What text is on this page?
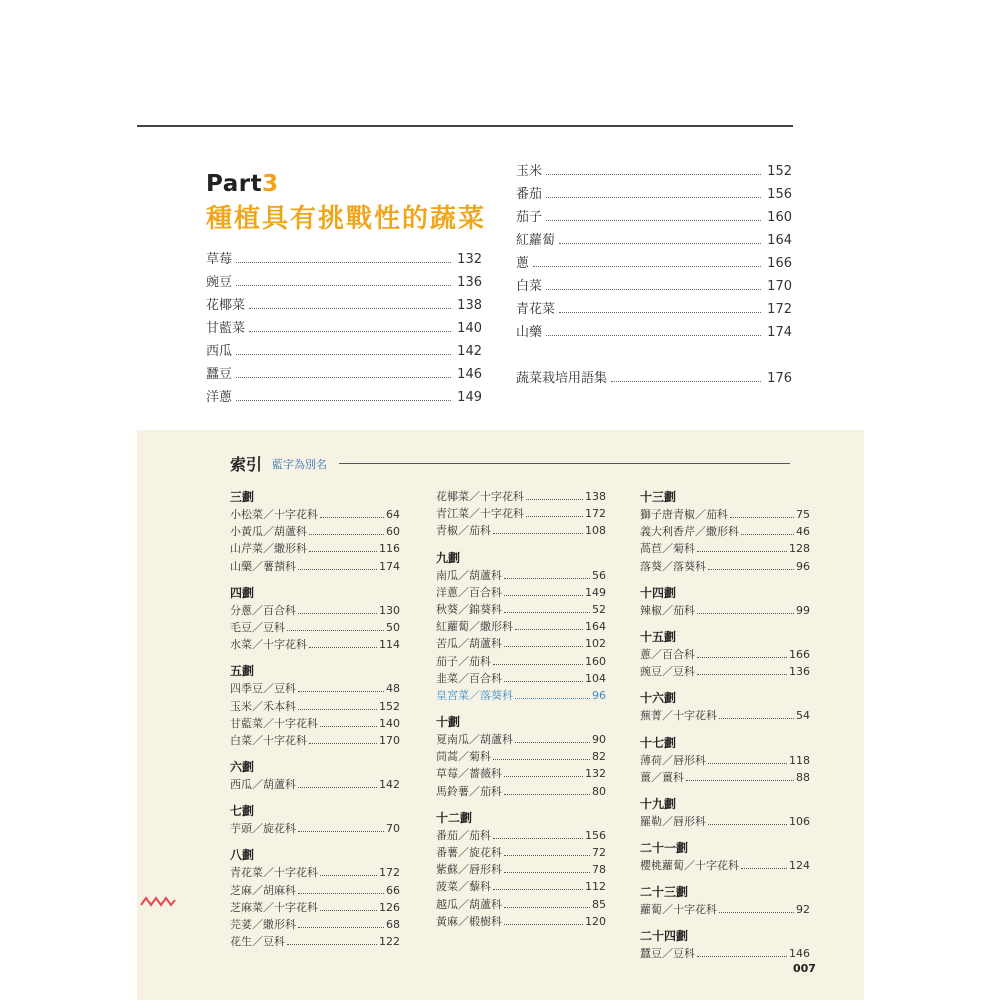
Part3
種植具有挑戰性的蔬菜
草莓	132
豌豆	136
花椰菜	138
甘藍菜	140
西瓜	142
蠶豆	146
洋蔥	149
玉米	152
番茄	156
茄子	160
紅蘿蔔	164
蔥	166
白菜	170
青花菜	172
山藥	174
蔬菜栽培用語集	176
索引 藍字為別名
三劃
小松菜／十字花科	64
小黃瓜／葫蘆科	60
山芹菜／繖形科	116
山藥／薯蕷科	174
四劃
分蔥／百合科	130
毛豆／豆科	50
水菜／十字花科	114
五劃
四季豆／豆科	48
玉米／禾本科	152
甘藍菜／十字花科	140
白菜／十字花科	170
六劃
西瓜／葫蘆科	142
七劃
芋頭／旋花科	70
八劃
青花菜／十字花科	172
芝麻／胡麻科	66
芝麻菜／十字花科	126
芫荽／繖形科	68
花生／豆科	122
花椰菜／十字花科	138
青江菜／十字花科	172
青椒／茄科	108
九劃
南瓜／葫蘆科	56
洋蔥／百合科	149
秋葵／錦葵科	52
紅蘿蔔／繖形科	164
苦瓜／葫蘆科	102
茄子／茄科	160
韭菜／百合科	104
皇宮菜／落葵科	96
十劃
夏南瓜／葫蘆科	90
茼蒿／菊科	82
草莓／薔薇科	132
馬鈴薯／茄科	80
十二劃
番茄／茄科	156
番薯／旋花科	72
紫蘇／唇形科	78
菠菜／藜科	112
越瓜／葫蘆科	85
黃麻／椴樹科	120
十三劃
獅子唐青椒／茄科	75
義大利香芹／繖形科	46
萵苣／菊科	128
落葵／落葵科	96
十四劃
辣椒／茄科	99
十五劃
蔥／百合科	166
豌豆／豆科	136
十六劃
蕪菁／十字花科	54
十七劃
薄荷／唇形科	118
薑／薑科	88
十九劃
羅勒／唇形科	106
二十一劃
櫻桃蘿蔔／十字花科	124
二十三劃
蘿蔔／十字花科	92
二十四劃
蠶豆／豆科	146
007
